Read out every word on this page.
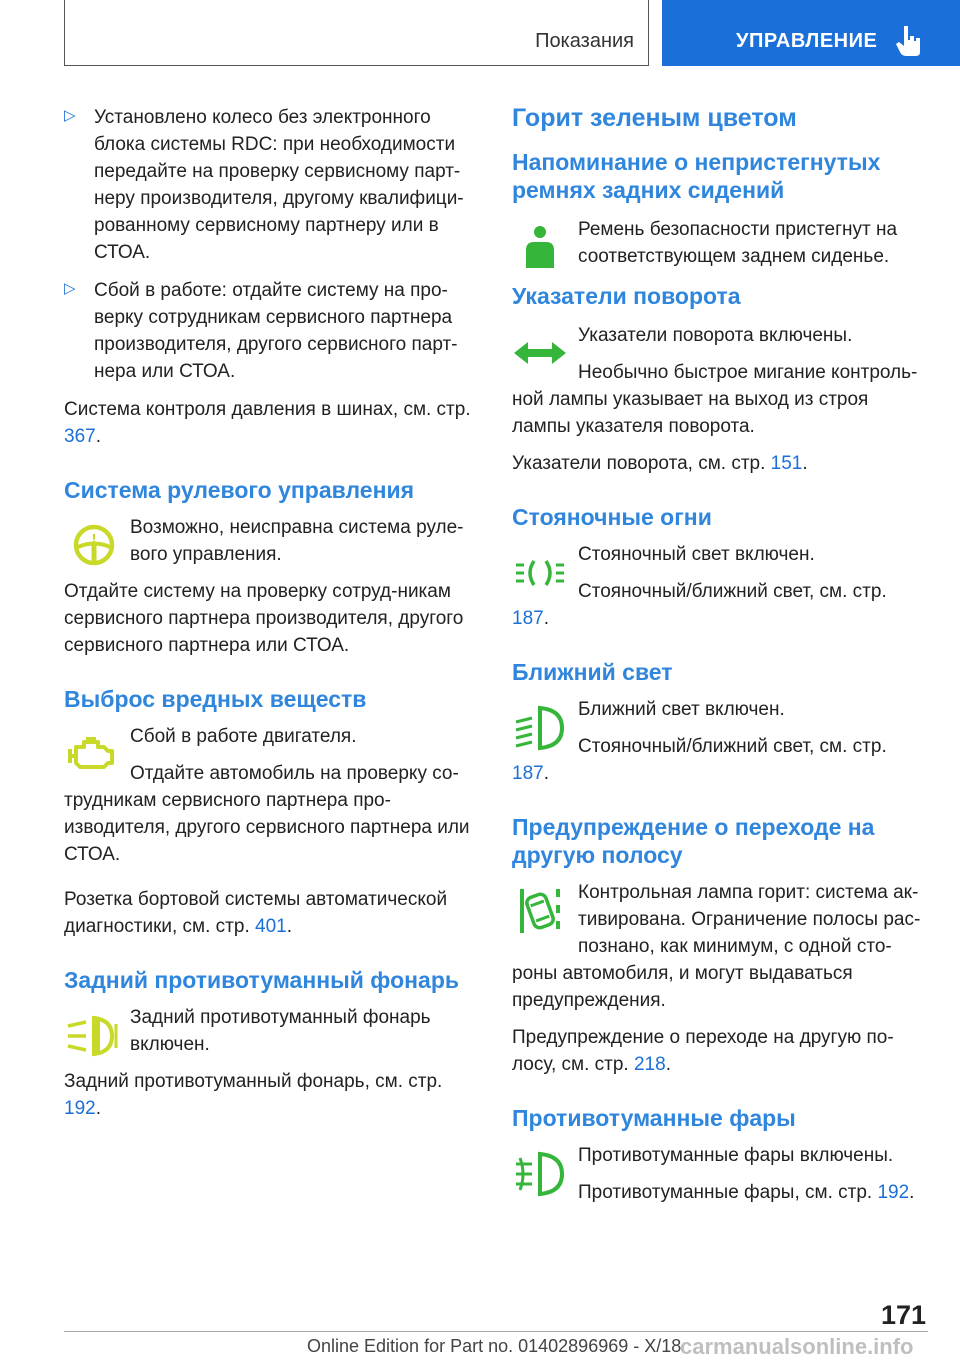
Показания	УПРАВЛЕНИЕ
▷ Установлено колесо без электронного блока системы RDC: при необходимости передайте на проверку сервисному парт-неру производителя, другому квалифици-рованному сервисному партнеру или в СТОА.

▷ Сбой в работе: отдайте систему на про-верку сотрудникам сервисного партнера производителя, другого сервисного парт-нера или СТОА.

Система контроля давления в шинах, см. стр. 367.

Система рулевого управления
!

Возможно, неисправна система руле-вого управления.

Отдайте систему на проверку сотруд-никам сервисного партнера производителя, другого сервисного партнера или СТОА.

Выброс вредных веществ

Сбой в работе двигателя.

Отдайте автомобиль на проверку со-трудникам сервисного партнера про-изводителя, другого сервисного партнера или СТОА.

Розетка бортовой системы автоматической диагностики, см. стр. 401.

Задний противотуманный фонарь

Задний противотуманный фонарь включен.

Задний противотуманный фонарь, см. стр. 192.

Горит зеленым цветом
Напоминание о непристегнутых ремнях задних сидений

Ремень безопасности пристегнут на соответствующем заднем сиденье.

Указатели поворота

Указатели поворота включены.

Необычно быстрое мигание контроль-ной лампы указывает на выход из строя лампы указателя поворота.

Указатели поворота, см. стр. 151.

Стояночные огни

Стояночный свет включен.

Стояночный/ближний свет, см. стр. 187.

Ближний свет

Ближний свет включен.

Стояночный/ближний свет, см. стр. 187.

Предупреждение о переходе на другую полосу

Контрольная лампа горит: система ак-тивирована. Ограничение полосы рас-познано, как минимум, с одной сто-роны автомобиля, и могут выдаваться предупреждения.

Предупреждение о переходе на другую по-лосу, см. стр. 218.

Противотуманные фары

Противотуманные фары включены.

Противотуманные фары, см. стр. 192.

171
Online Edition for Part no. 01402896969 - X/18
carmanualsonline.info
